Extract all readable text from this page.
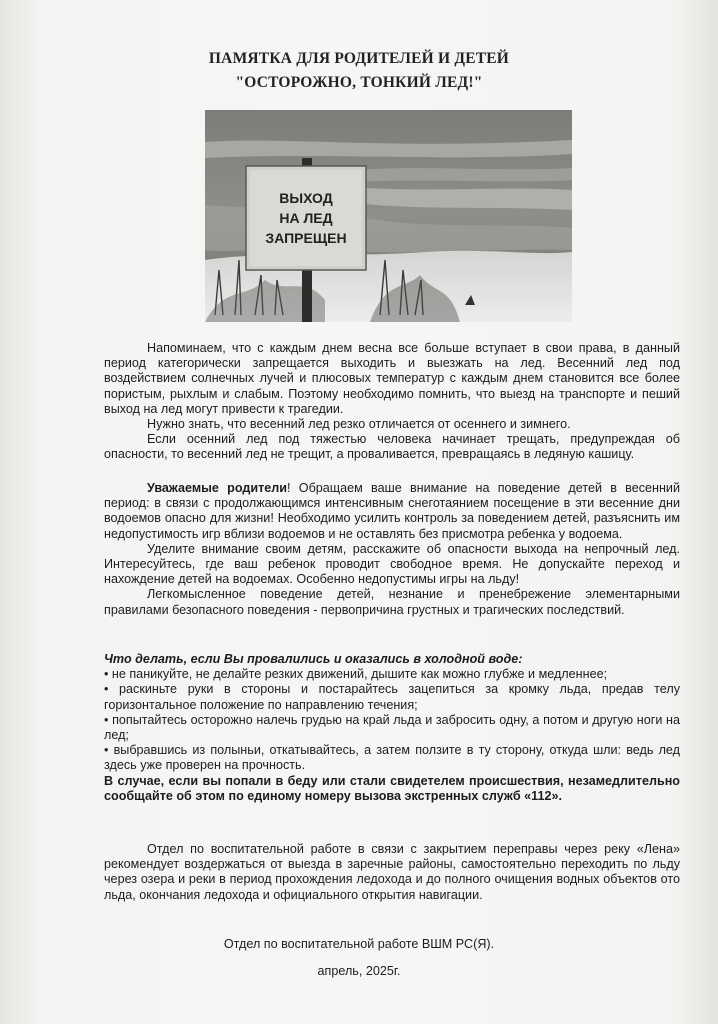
ПАМЯТКА ДЛЯ РОДИТЕЛЕЙ И ДЕТЕЙ
"ОСТОРОЖНО, ТОНКИЙ ЛЕД!"
ВЫХОД
НА ЛЕД
ЗАПРЕЩЕН

Напоминаем, что с каждым днем весна все больше вступает в свои права, в данный период категорически запрещается выходить и выезжать на лед. Весенний лед под воздействием солнечных лучей и плюсовых температур с каждым днем становится все более пористым, рыхлым и слабым. Поэтому необходимо помнить, что выезд на транспорте и пеший выход на лед могут привести к трагедии.

Нужно знать, что весенний лед резко отличается от осеннего и зимнего.

Если осенний лед под тяжестью человека начинает трещать, предупреждая об опасности, то весенний лед не трещит, а проваливается, превращаясь в ледяную кашицу.

Уважаемые родители! Обращаем ваше внимание на поведение детей в весенний период: в связи с продолжающимся интенсивным снеготаянием посещение в эти весенние дни водоемов опасно для жизни! Необходимо усилить контроль за поведением детей, разъяснить им недопустимость игр вблизи водоемов и не оставлять без присмотра ребенка у водоема.

Уделите внимание своим детям, расскажите об опасности выхода на непрочный лед. Интересуйтесь, где ваш ребенок проводит свободное время. Не допускайте переход и нахождение детей на водоемах. Особенно недопустимы игры на льду!

Легкомысленное поведение детей, незнание и пренебрежение элементарными правилами безопасного поведения - первопричина грустных и трагических последствий.

Что делать, если Вы провалились и оказались в холодной воде:

• не паникуйте, не делайте резких движений, дышите как можно глубже и медленнее;

• раскиньте руки в стороны и постарайтесь зацепиться за кромку льда, предав телу горизонтальное положение по направлению течения;

• попытайтесь осторожно налечь грудью на край льда и забросить одну, а потом и другую ноги на лед;

• выбравшись из полыньи, откатывайтесь, а затем ползите в ту сторону, откуда шли: ведь лед здесь уже проверен на прочность.

В случае, если вы попали в беду или стали свидетелем происшествия, незамедлительно сообщайте об этом по единому номеру вызова экстренных служб «112».

Отдел по воспитательной работе в связи с закрытием переправы через реку «Лена» рекомендует воздержаться от выезда в заречные районы, самостоятельно переходить по льду через озера и реки в период прохождения ледохода и до полного очищения водных объектов ото льда, окончания ледохода и официального открытия навигации.

Отдел по воспитательной работе ВШМ РС(Я).
апрель, 2025г.
